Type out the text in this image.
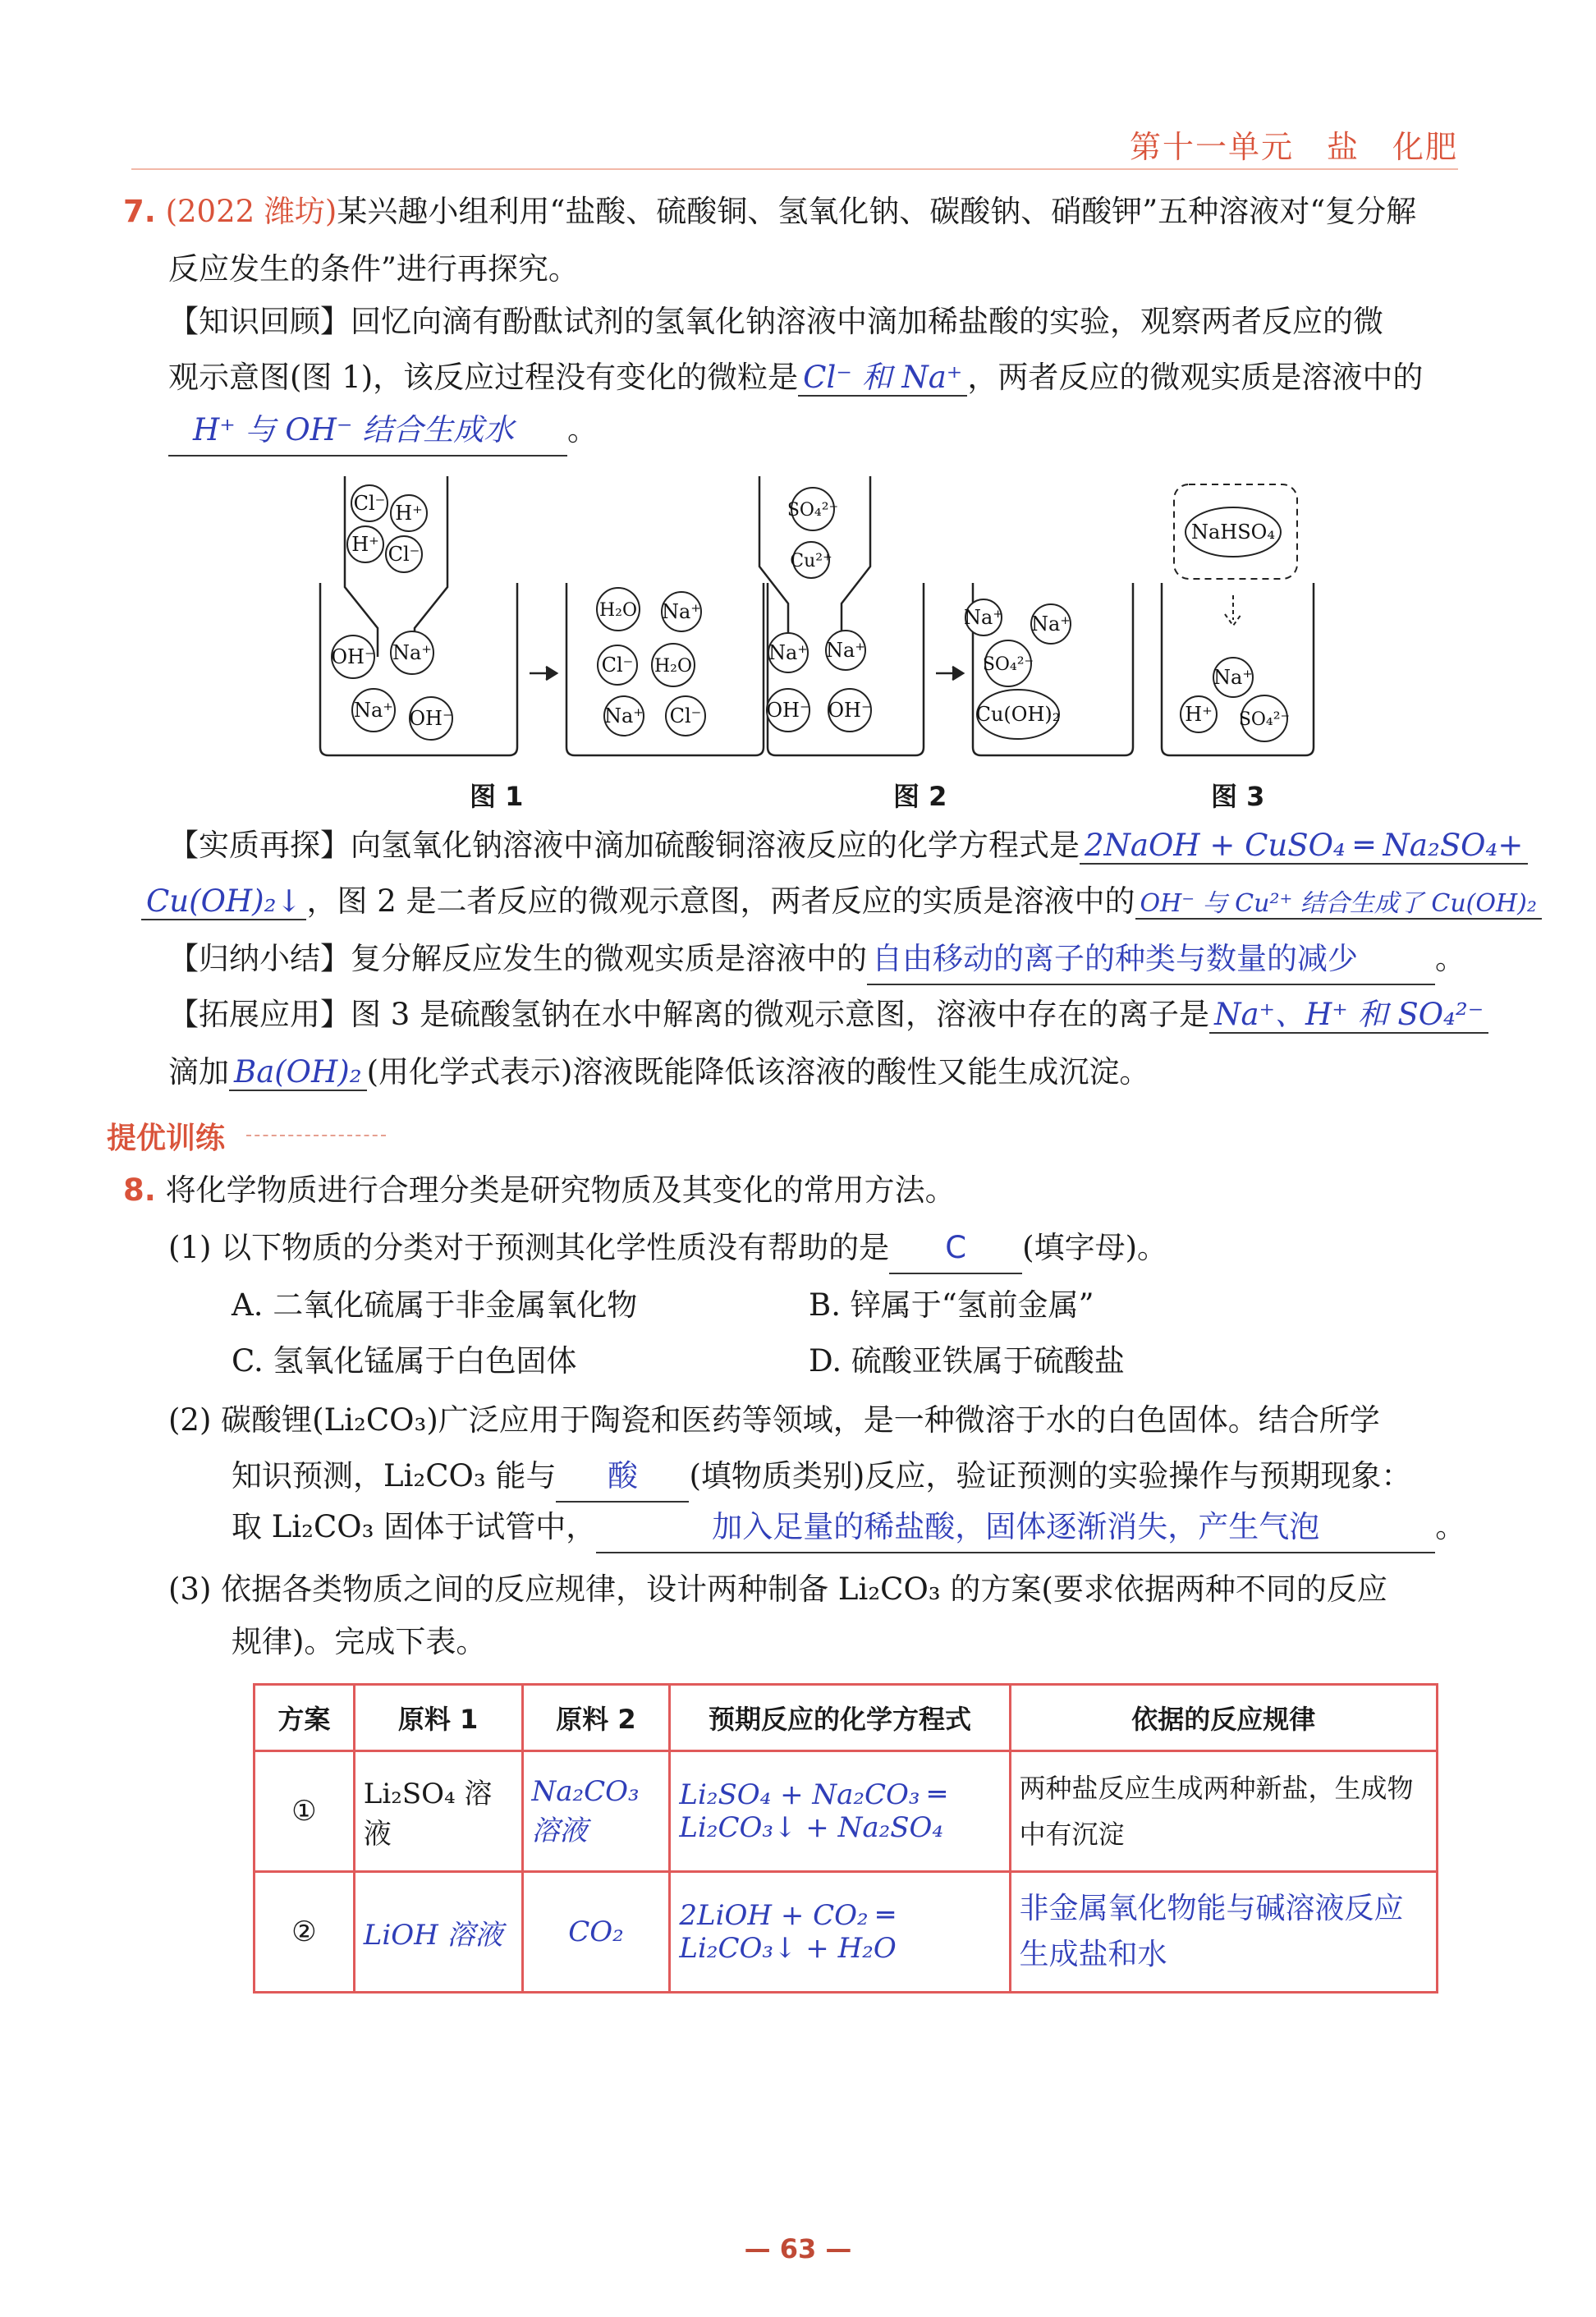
第十一单元　盐　化肥
7. (2022 潍坊)某兴趣小组利用“盐酸、硫酸铜、氢氧化钠、碳酸钠、硝酸钾”五种溶液对“复分解
反应发生的条件”进行再探究。
【知识回顾】回忆向滴有酚酞试剂的氢氧化钠溶液中滴加稀盐酸的实验，观察两者反应的微
观示意图(图 1)，该反应过程没有变化的微粒是 Cl⁻ 和 Na⁺ ，两者反应的微观实质是溶液中的
H⁺ 与 OH⁻ 结合生成水 。
Cl⁻ H⁺
H⁺ Cl⁻
OH⁻ Na⁺
Na⁺ OH⁻
H₂O Na⁺
Cl⁻ H₂O
Na⁺ Cl⁻
SO₄²⁻
Cu²⁺
Na⁺ Na⁺
OH⁻ OH⁻
Na⁺ Na⁺
SO₄²⁻
Cu(OH)₂
NaHSO₄
Na⁺
H⁺ SO₄²⁻
图 1	图 2	图 3
【实质再探】向氢氧化钠溶液中滴加硫酸铜溶液反应的化学方程式是 2NaOH + CuSO₄ ═ Na₂SO₄+
Cu(OH)₂↓ ，图 2 是二者反应的微观示意图，两者反应的实质是溶液中的 OH⁻ 与 Cu²⁺ 结合生成了 Cu(OH)₂
【归纳小结】复分解反应发生的微观实质是溶液中的 自由移动的离子的种类与数量的减少	。
【拓展应用】图 3 是硫酸氢钠在水中解离的微观示意图，溶液中存在的离子是 Na⁺、H⁺ 和 SO₄²⁻
滴加 Ba(OH)₂ (用化学式表示)溶液既能降低该溶液的酸性又能生成沉淀。
提优训练
8. 将化学物质进行合理分类是研究物质及其变化的常用方法。
(1) 以下物质的分类对于预测其化学性质没有帮助的是 C (填字母)。
A. 二氧化硫属于非金属氧化物	B. 锌属于“氢前金属”
C. 氢氧化锰属于白色固体	D. 硫酸亚铁属于硫酸盐
(2) 碳酸锂(Li₂CO₃)广泛应用于陶瓷和医药等领域，是一种微溶于水的白色固体。结合所学
知识预测，Li₂CO₃ 能与 酸 (填物质类别)反应，验证预测的实验操作与预期现象：
取 Li₂CO₃ 固体于试管中，	加入足量的稀盐酸，固体逐渐消失，产生气泡	。
(3) 依据各类物质之间的反应规律，设计两种制备 Li₂CO₃ 的方案(要求依据两种不同的反应
规律)。完成下表。
方案	原料 1	原料 2	预期反应的化学方程式	依据的反应规律
①	Li₂SO₄ 溶液	Na₂CO₃ 溶液	Li₂SO₄ + Na₂CO₃ ═
Li₂CO₃↓ + Na₂SO₄	两种盐反应生成两种新盐，生成物中有沉淀
②	LiOH 溶液	CO₂	2LiOH + CO₂ ═
Li₂CO₃↓ + H₂O	非金属氧化物能与碱溶液反应生成盐和水
— 63 —
